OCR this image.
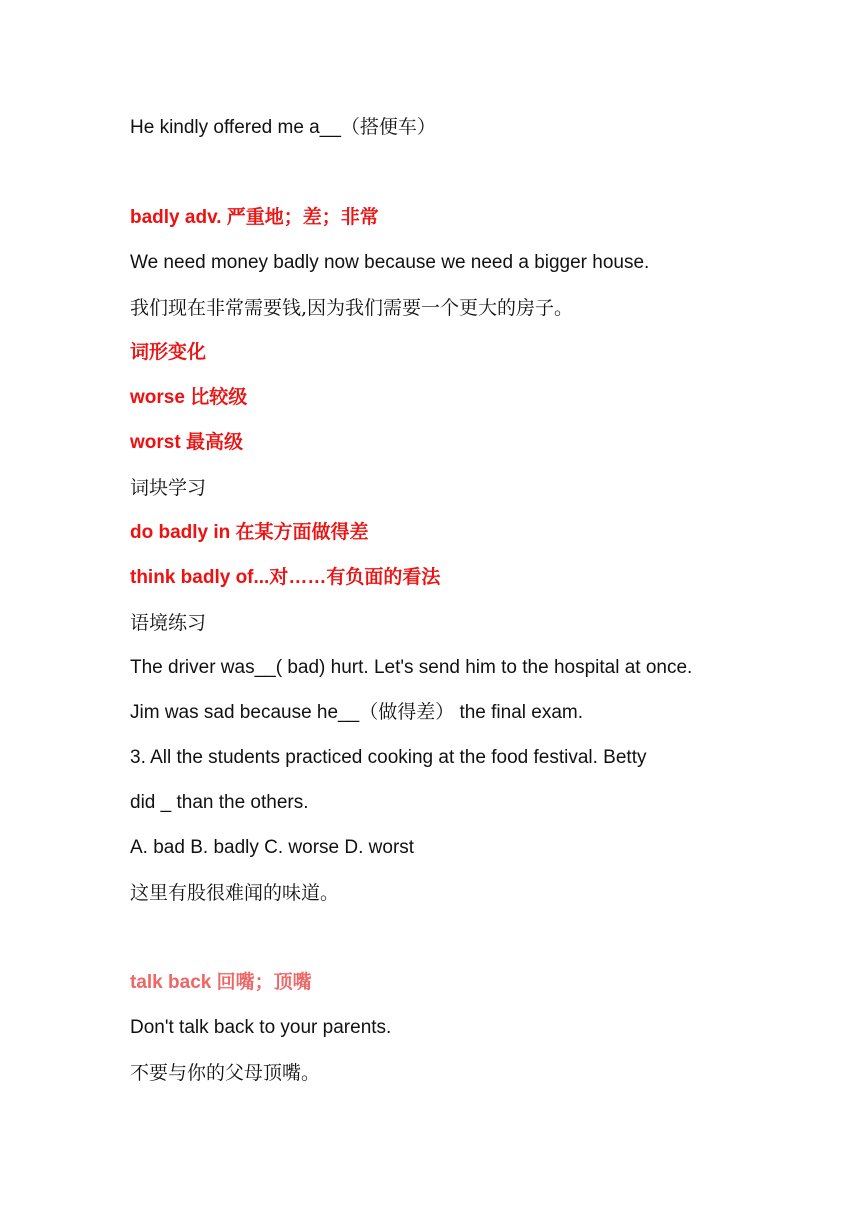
He kindly offered me a__（搭便车）
badly adv. 严重地；差；非常
We need money badly now because we need a bigger house.
我们现在非常需要钱,因为我们需要一个更大的房子。
词形变化
worse 比较级
worst 最高级
词块学习
do badly in 在某方面做得差
think badly of...对……有负面的看法
语境练习
The driver was__( bad) hurt. Let's send him to the hospital at once.
Jim was sad because he__（做得差） the final exam.
3. All the students practiced cooking at the food festival. Betty
did _ than the others.
A. bad B. badly C. worse D. worst
这里有股很难闻的味道。
talk back 回嘴；顶嘴
Don't talk back to your parents.
不要与你的父母顶嘴。
